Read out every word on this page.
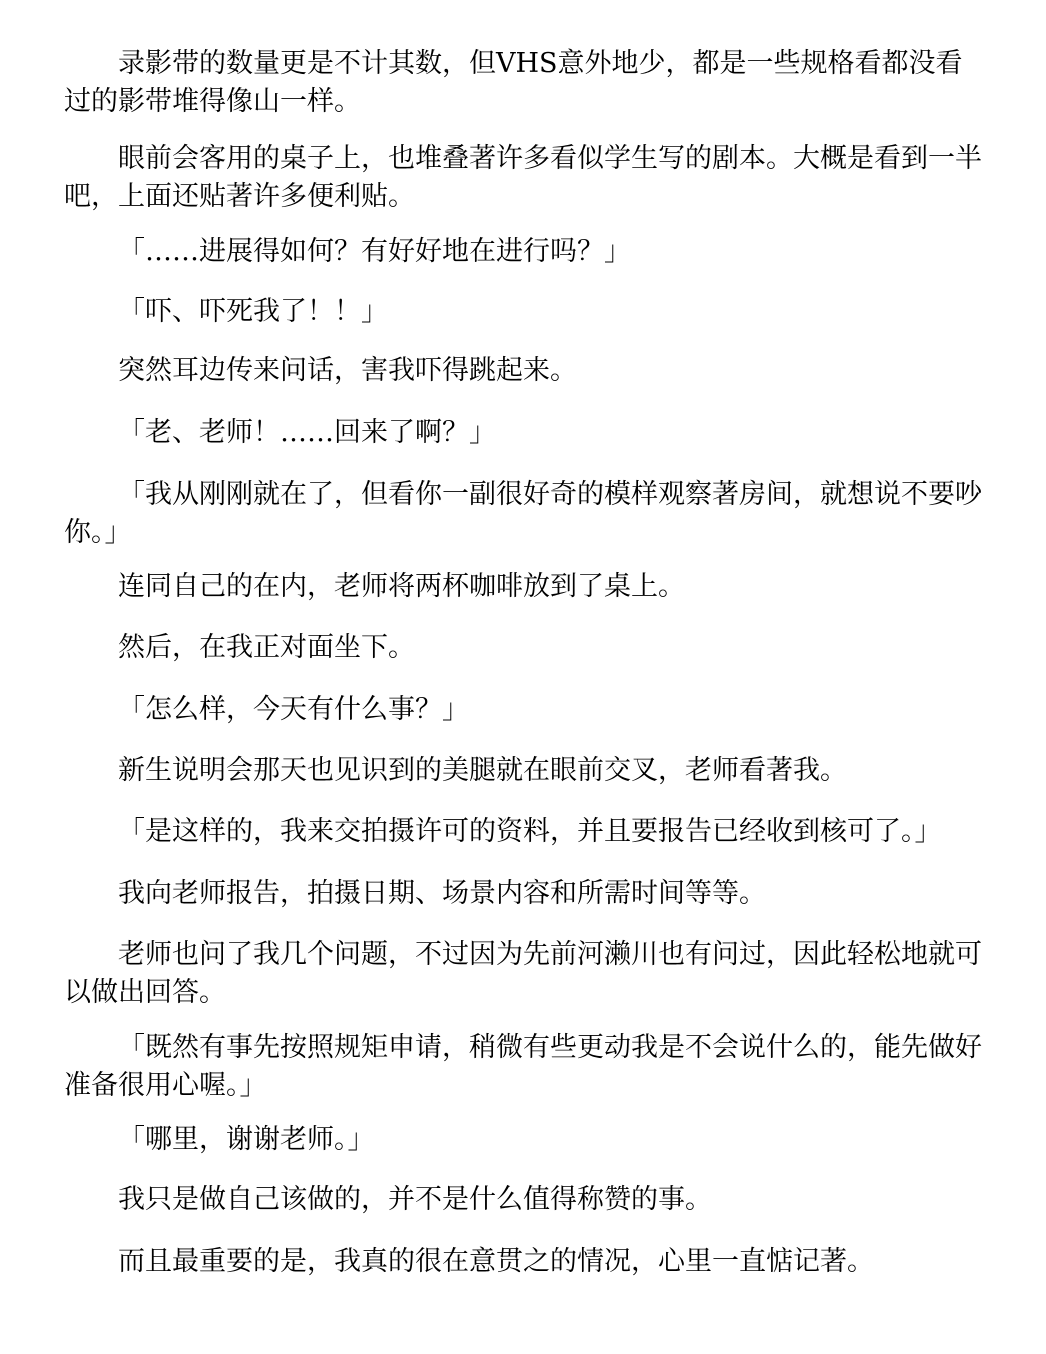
录影带的数量更是不计其数，但VHS意外地少，都是一些规格看都没看过的影带堆得像山一样。

眼前会客用的桌子上，也堆叠著许多看似学生写的剧本。大概是看到一半吧，上面还贴著许多便利贴。

「……进展得如何？有好好地在进行吗？」

「吓、吓死我了！！」

突然耳边传来问话，害我吓得跳起来。

「老、老师！……回来了啊？」

「我从刚刚就在了，但看你一副很好奇的模样观察著房间，就想说不要吵你。」

连同自己的在内，老师将两杯咖啡放到了桌上。

然后，在我正对面坐下。

「怎么样，今天有什么事？」

新生说明会那天也见识到的美腿就在眼前交叉，老师看著我。

「是这样的，我来交拍摄许可的资料，并且要报告已经收到核可了。」

我向老师报告，拍摄日期、场景内容和所需时间等等。

老师也问了我几个问题，不过因为先前河濑川也有问过，因此轻松地就可以做出回答。

「既然有事先按照规矩申请，稍微有些更动我是不会说什么的，能先做好准备很用心喔。」

「哪里，谢谢老师。」

我只是做自己该做的，并不是什么值得称赞的事。

而且最重要的是，我真的很在意贯之的情况，心里一直惦记著。
